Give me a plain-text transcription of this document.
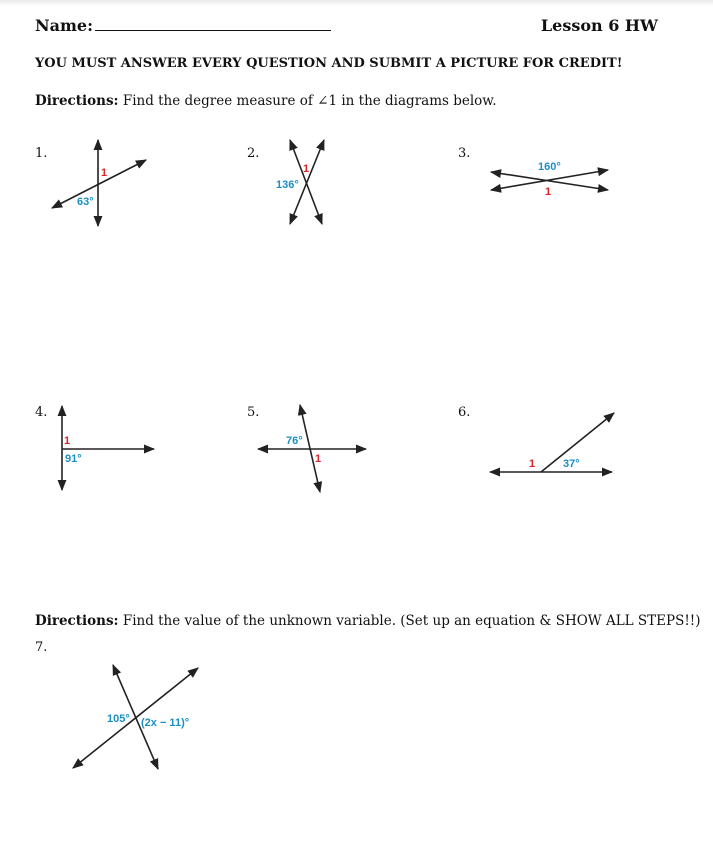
Name:	Lesson 6 HW
YOU MUST ANSWER EVERY QUESTION AND SUBMIT A PICTURE FOR CREDIT!
Directions: Find the degree measure of ∠1 in the diagrams below.
1.	2.	3.
4.	5.	6.
1
63°
1
136°
160°
1
1
91°
76°
1	1	37°
Directions: Find the value of the unknown variable. (Set up an equation & SHOW ALL STEPS!!)
7.
105° (2x − 11)°
